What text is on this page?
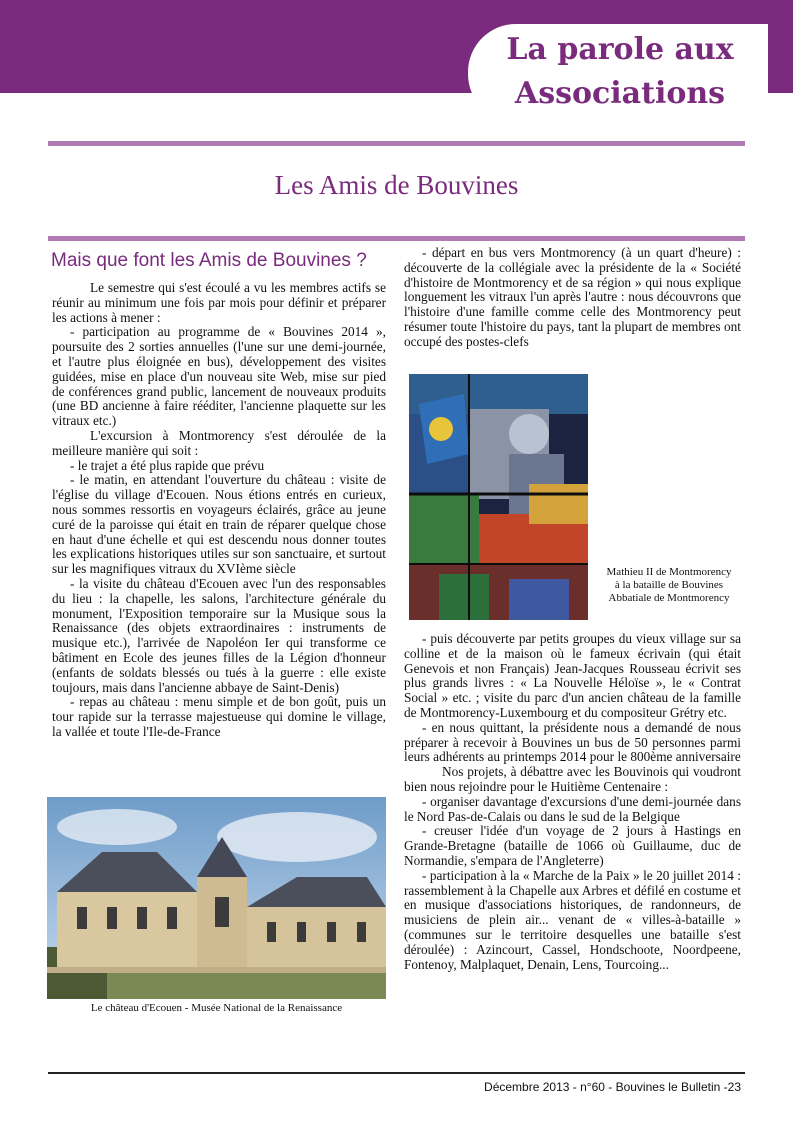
La parole aux
Associations
Les Amis de Bouvines
Mais que font les Amis de Bouvines ?

Le semestre qui s'est écoulé a vu les membres actifs se réunir au minimum une fois par mois pour définir et préparer les actions à mener :

- participation au programme de « Bouvines 2014 », poursuite des 2 sorties annuelles (l'une sur une demi-journée, et l'autre plus éloignée en bus), développement des visites guidées, mise en place d'un nouveau site Web, mise sur pied de conférences grand public, lancement de nouveaux produits (une BD ancienne à faire rééditer, l'ancienne plaquette sur les vitraux etc.)

L'excursion à Montmorency s'est déroulée de la meilleure manière qui soit :

- le trajet a été plus rapide que prévu

- le matin, en attendant l'ouverture du château : visite de l'église du village d'Ecouen. Nous étions entrés en curieux, nous sommes ressortis en voyageurs éclairés, grâce au jeune curé de la paroisse qui était en train de réparer quelque chose en haut d'une échelle et qui est descendu nous donner toutes les explications historiques utiles sur son sanctuaire, et surtout sur les magnifiques vitraux du XVIème siècle

- la visite du château d'Ecouen avec l'un des responsables du lieu : la chapelle, les salons, l'architecture générale du monument, l'Exposition temporaire sur la Musique sous la Renaissance (des objets extraordinaires : instruments de musique etc.), l'arrivée de Napoléon Ier qui transforme ce bâtiment en Ecole des jeunes filles de la Légion d'honneur (enfants de soldats blessés ou tués à la guerre : elle existe toujours, mais dans l'ancienne abbaye de Saint-Denis)

- repas au château : menu simple et de bon goût, puis un tour rapide sur la terrasse majestueuse qui domine le village, la vallée et toute l'Ile-de-France

Le château d'Ecouen - Musée National de la Renaissance

- départ en bus vers Montmorency (à un quart d'heure) : découverte de la collégiale avec la présidente de la « Société d'histoire de Montmorency et de sa région » qui nous explique longuement les vitraux l'un après l'autre : nous découvrons que l'histoire d'une famille comme celle des Montmorency peut résumer toute l'histoire du pays, tant la plupart de membres ont occupé des postes-clefs

Mathieu II de Montmorency
à la bataille de Bouvines
Abbatiale de Montmorency

- puis découverte par petits groupes du vieux village sur sa colline et de la maison où le fameux écrivain (qui était Genevois et non Français) Jean-Jacques Rousseau écrivit ses plus grands livres : « La Nouvelle Héloïse », le « Contrat Social » etc. ; visite du parc d'un ancien château de la famille de Montmorency-Luxembourg et du compositeur Grétry etc.

- en nous quittant, la présidente nous a demandé de nous préparer à recevoir à Bouvines un bus de 50 personnes parmi leurs adhérents au printemps 2014 pour le 800ème anniversaire

Nos projets, à débattre avec les Bouvinois qui voudront bien nous rejoindre pour le Huitième Centenaire :

- organiser davantage d'excursions d'une demi-journée dans le Nord Pas-de-Calais ou dans le sud de la Belgique

- creuser l'idée d'un voyage de 2 jours à Hastings en Grande-Bretagne (bataille de 1066 où Guillaume, duc de Normandie, s'empara de l'Angleterre)

- participation à la « Marche de la Paix » le 20 juillet 2014 : rassemblement à la Chapelle aux Arbres et défilé en costume et en musique d'associations historiques, de randonneurs, de musiciens de plein air... venant de « villes-à-bataille » (communes sur le territoire desquelles une bataille s'est déroulée) : Azincourt, Cassel, Hondschoote, Noordpeene, Fontenoy, Malplaquet, Denain, Lens, Tourcoing...

Décembre 2013 - n°60 - Bouvines le Bulletin -23
